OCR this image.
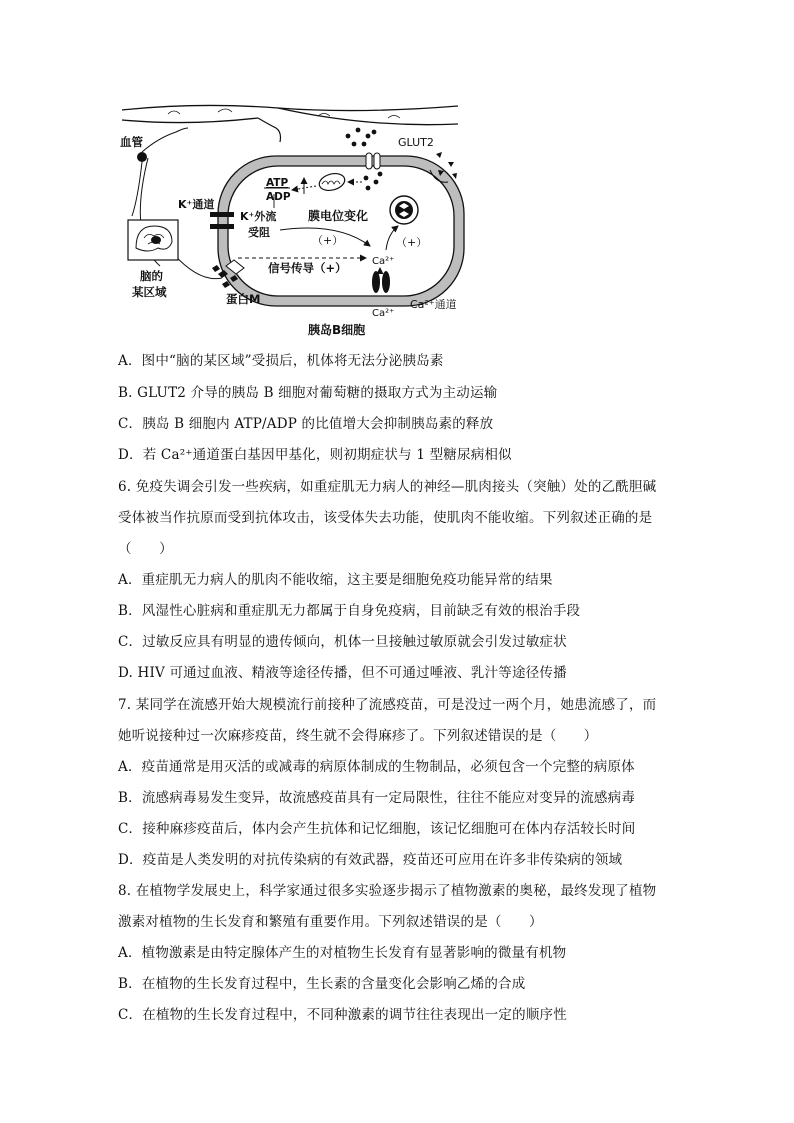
GLUT2
ATP
ADP
K⁺通道
K⁺外流
受阻
膜电位变化
（+）	（+）
信号传导（+）	Ca²⁺
Ca²⁺
Ca²⁺通道
蛋白M
脑的
某区域
血管
胰岛B细胞
A．图中“脑的某区域”受损后，机体将无法分泌胰岛素
B. GLUT2 介导的胰岛 B 细胞对葡萄糖的摄取方式为主动运输
C．胰岛 B 细胞内 ATP/ADP 的比值增大会抑制胰岛素的释放
D．若 Ca²⁺通道蛋白基因甲基化，则初期症状与 1 型糖尿病相似
6. 免疫失调会引发一些疾病，如重症肌无力病人的神经—肌肉接头（突触）处的乙酰胆碱
受体被当作抗原而受到抗体攻击，该受体失去功能，使肌肉不能收缩。下列叙述正确的是
（　　）
A．重症肌无力病人的肌肉不能收缩，这主要是细胞免疫功能异常的结果
B．风湿性心脏病和重症肌无力都属于自身免疫病，目前缺乏有效的根治手段
C．过敏反应具有明显的遗传倾向，机体一旦接触过敏原就会引发过敏症状
D. HIV 可通过血液、精液等途径传播，但不可通过唾液、乳汁等途径传播
7. 某同学在流感开始大规模流行前接种了流感疫苗，可是没过一两个月，她患流感了，而
她听说接种过一次麻疹疫苗，终生就不会得麻疹了。下列叙述错误的是（　　）
A．疫苗通常是用灭活的或减毒的病原体制成的生物制品，必须包含一个完整的病原体
B．流感病毒易发生变异，故流感疫苗具有一定局限性，往往不能应对变异的流感病毒
C．接种麻疹疫苗后，体内会产生抗体和记忆细胞，该记忆细胞可在体内存活较长时间
D．疫苗是人类发明的对抗传染病的有效武器，疫苗还可应用在许多非传染病的领域
8. 在植物学发展史上，科学家通过很多实验逐步揭示了植物激素的奥秘，最终发现了植物
激素对植物的生长发育和繁殖有重要作用。下列叙述错误的是（　　）
A．植物激素是由特定腺体产生的对植物生长发育有显著影响的微量有机物
B．在植物的生长发育过程中，生长素的含量变化会影响乙烯的合成
C．在植物的生长发育过程中，不同种激素的调节往往表现出一定的顺序性
